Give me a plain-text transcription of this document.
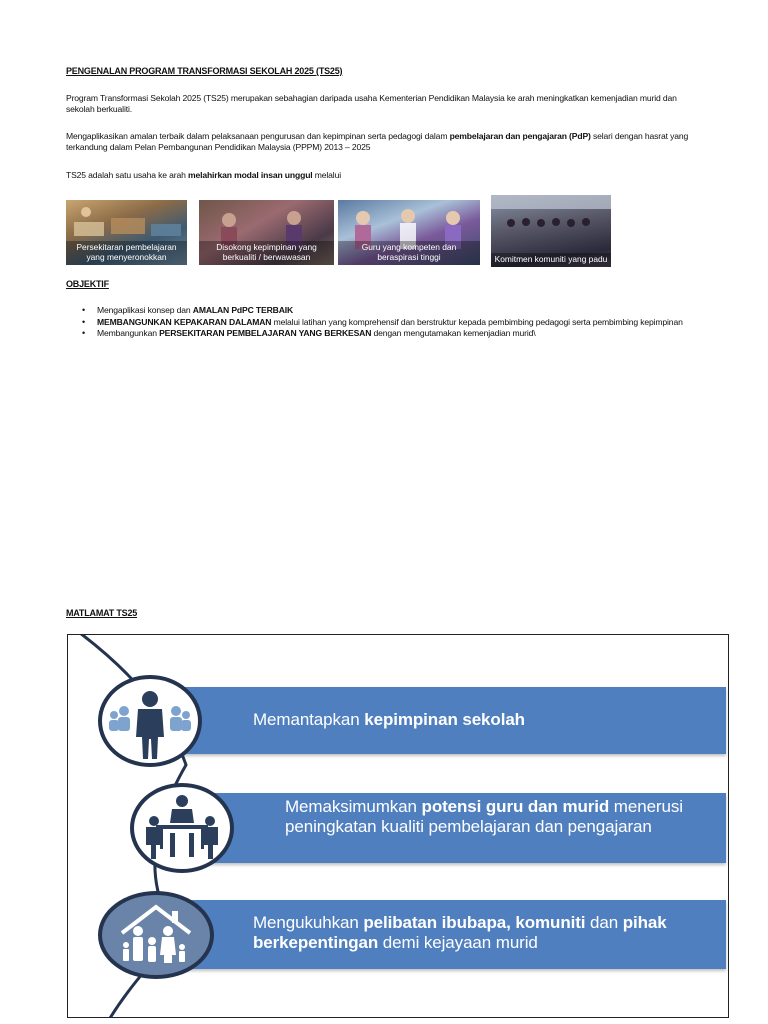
PENGENALAN PROGRAM TRANSFORMASI SEKOLAH 2025 (TS25)
Program Transformasi Sekolah 2025 (TS25) merupakan sebahagian daripada usaha Kementerian Pendidikan Malaysia ke arah meningkatkan kemenjadian murid dan sekolah berkualiti.
Mengaplikasikan amalan terbaik dalam pelaksanaan pengurusan dan kepimpinan serta pedagogi dalam pembelajaran dan pengajaran (PdP) selari dengan hasrat yang terkandung dalam Pelan Pembangunan Pendidikan Malaysia (PPPM) 2013 – 2025
TS25 adalah satu usaha ke arah melahirkan modal insan unggul melalui
Persekitaran pembelajaran yang menyeronokkan
Disokong kepimpinan yang berkualiti / berwawasan
Guru yang kompeten dan beraspirasi tinggi	Komitmen komuniti yang padu
OBJEKTIF
• Mengaplikasi konsep dan AMALAN PdPC TERBAIK
• MEMBANGUNKAN KEPAKARAN DALAMAN melalui latihan yang komprehensif dan berstruktur kepada pembimbing pedagogi serta pembimbing kepimpinan
• Membangunkan PERSEKITARAN PEMBELAJARAN YANG BERKESAN dengan mengutamakan kemenjadian murid\
MATLAMAT TS25
Memantapkan kepimpinan sekolah
Memaksimumkan potensi guru dan murid menerusi peningkatan kualiti pembelajaran dan pengajaran
Mengukuhkan pelibatan ibubapa, komuniti dan pihak berkepentingan demi kejayaan murid
